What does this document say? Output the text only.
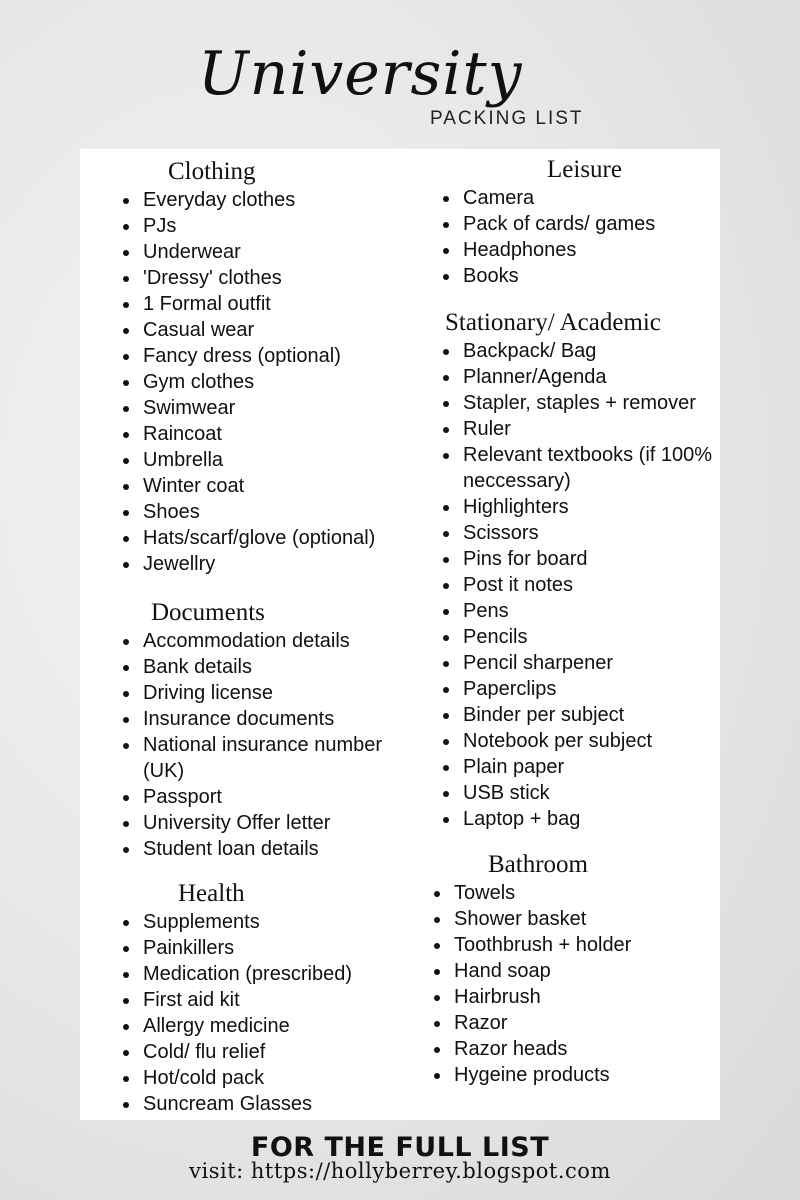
University
PACKING LIST
Clothing
Everyday clothes
PJs
Underwear
'Dressy' clothes
1 Formal outfit
Casual wear
Fancy dress (optional)
Gym clothes
Swimwear
Raincoat
Umbrella
Winter coat
Shoes
Hats/scarf/glove (optional)
Jewellry
Documents
Accommodation details
Bank details
Driving license
Insurance documents
National insurance number (UK)
Passport
University Offer letter
Student loan details
Health
Supplements
Painkillers
Medication (prescribed)
First aid kit
Allergy medicine
Cold/ flu relief
Hot/cold pack
Suncream Glasses
Leisure
Camera
Pack of cards/ games
Headphones
Books
Stationary/ Academic
Backpack/ Bag
Planner/Agenda
Stapler, staples + remover
Ruler
Relevant textbooks (if 100% neccessary)
Highlighters
Scissors
Pins for board
Post it notes
Pens
Pencils
Pencil sharpener
Paperclips
Binder per subject
Notebook per subject
Plain paper
USB stick
Laptop + bag
Bathroom
Towels
Shower basket
Toothbrush + holder
Hand soap
Hairbrush
Razor
Razor heads
Hygeine products
FOR THE FULL LIST
visit: https://hollyberrey.blogspot.com
